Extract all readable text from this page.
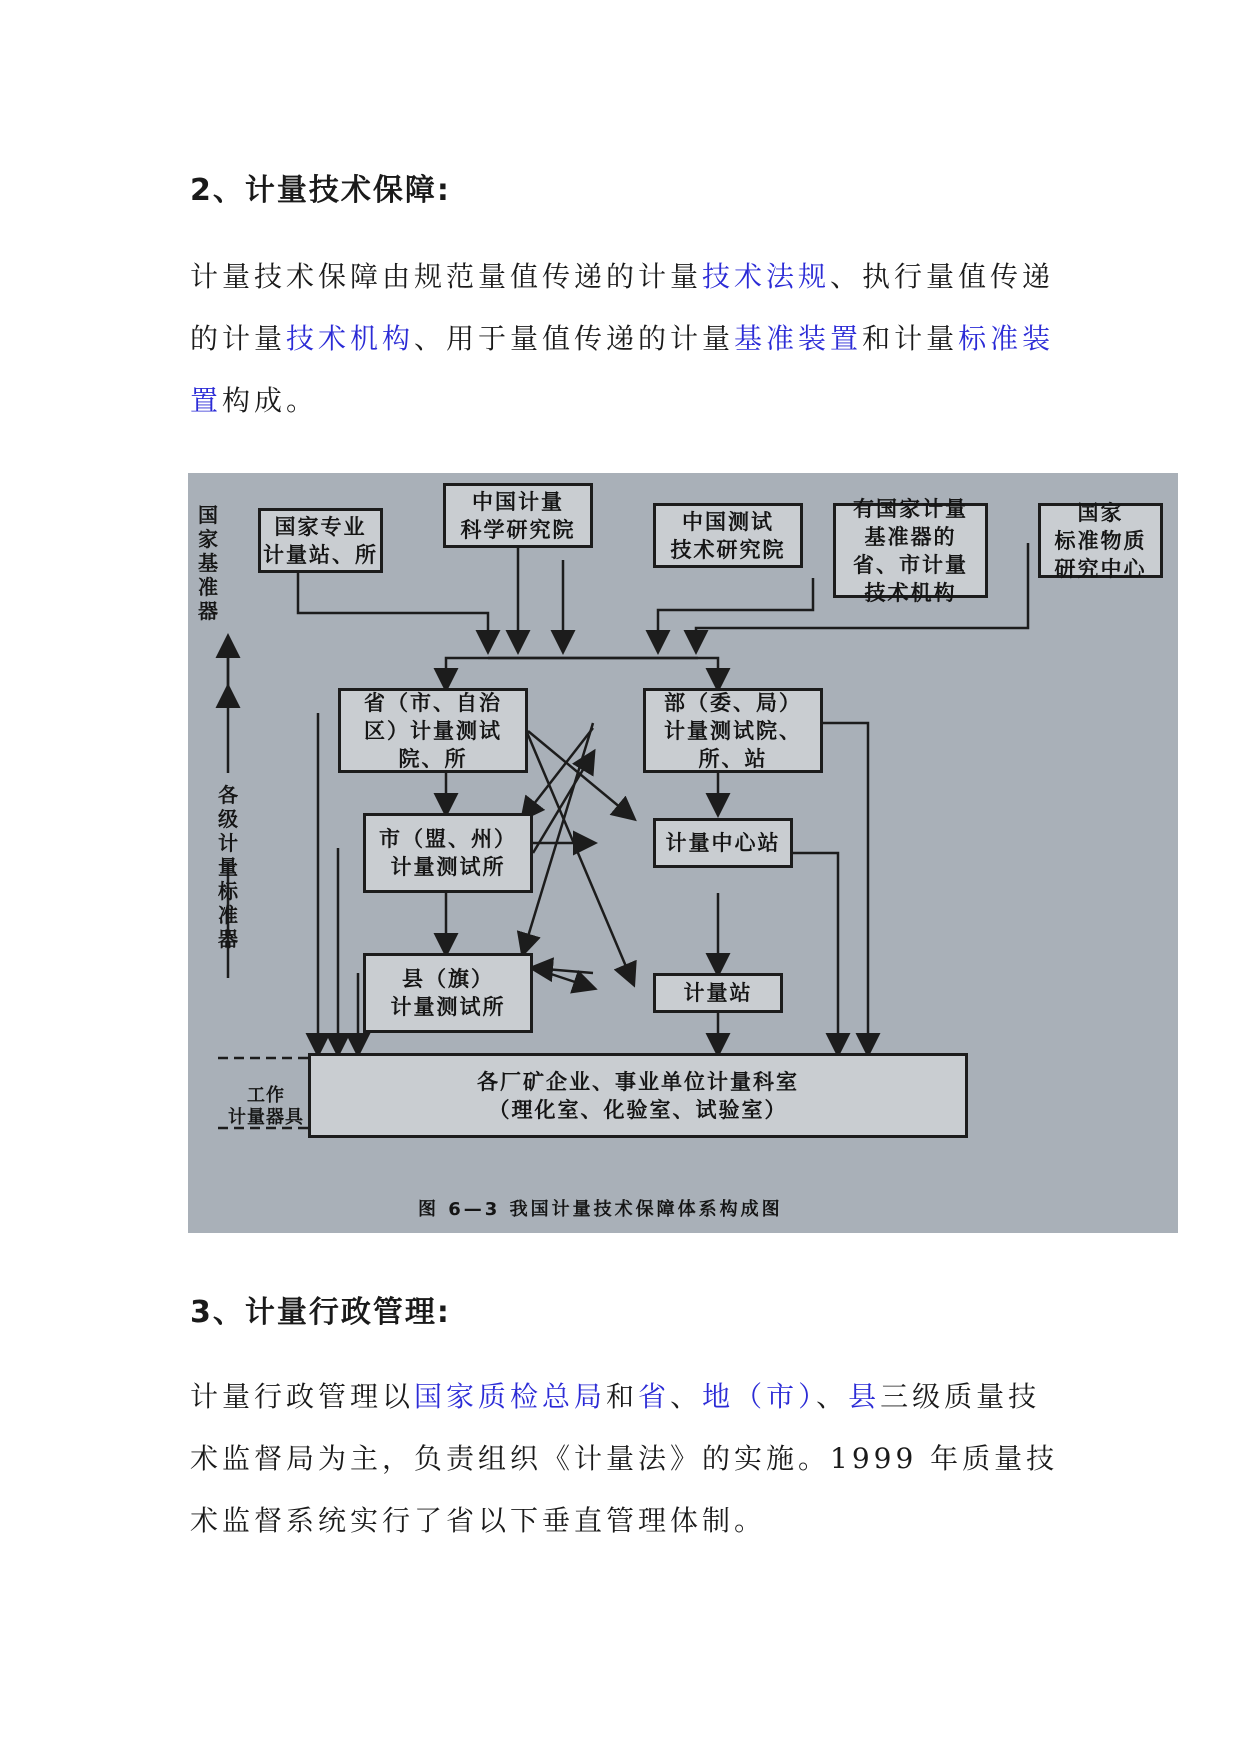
2、计量技术保障:
计量技术保障由规范量值传递的计量技术法规、执行量值传递的计量技术机构、用于量值传递的计量基准装置和计量标准装置构成。
国家专业
计量站、所
中国计量
科学研究院	中国测试
技术研究院
有国家计量
基准器的
省、市计量
技术机构
国家
标准物质
研究中心
省（市、自治
区）计量测试
院、所
部（委、局）
计量测试院、
所、站
市（盟、州）
计量测试所
计量中心站
县（旗）
计量测试所
计量站
各厂矿企业、事业单位计量科室
（理化室、化验室、试验室）
国家基准器
各级计量标准器
工作
计量器具
图 6—3 我国计量技术保障体系构成图
3、计量行政管理:
计量行政管理以国家质检总局和省、地（市）、县三级质量技术监督局为主，负责组织《计量法》的实施。1999 年质量技术监督系统实行了省以下垂直管理体制。
